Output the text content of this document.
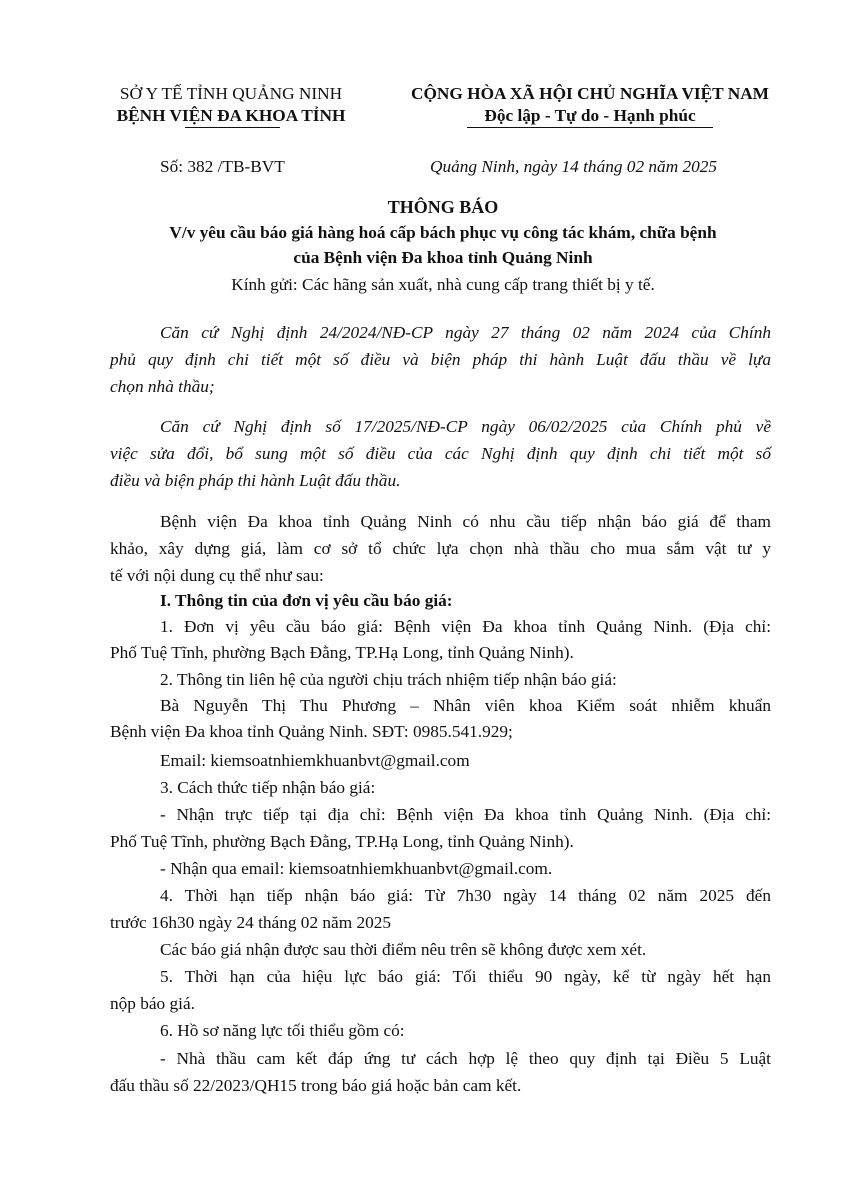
SỞ Y TẾ TỈNH QUẢNG NINH
BỆNH VIỆN ĐA KHOA TỈNH
CỘNG HÒA XÃ HỘI CHỦ NGHĨA VIỆT NAM
Độc lập - Tự do - Hạnh phúc
Số: 382 /TB-BVT	Quảng Ninh, ngày 14 tháng 02 năm 2025
THÔNG BÁO
V/v yêu cầu báo giá hàng hoá cấp bách phục vụ công tác khám, chữa bệnh
của Bệnh viện Đa khoa tỉnh Quảng Ninh
Kính gửi: Các hãng sản xuất, nhà cung cấp trang thiết bị y tế.
Căn cứ Nghị định 24/2024/NĐ-CP ngày 27 tháng 02 năm 2024 của Chính
phủ quy định chi tiết một số điều và biện pháp thi hành Luật đấu thầu về lựa
chọn nhà thầu;
Căn cứ Nghị định số 17/2025/NĐ-CP ngày 06/02/2025 của Chính phủ về
việc sửa đổi, bổ sung một số điều của các Nghị định quy định chi tiết một số
điều và biện pháp thi hành Luật đấu thầu.
Bệnh viện Đa khoa tỉnh Quảng Ninh có nhu cầu tiếp nhận báo giá để tham
khảo, xây dựng giá, làm cơ sở tổ chức lựa chọn nhà thầu cho mua sắm vật tư y
tế với nội dung cụ thể như sau:
I. Thông tin của đơn vị yêu cầu báo giá:
1. Đơn vị yêu cầu báo giá: Bệnh viện Đa khoa tỉnh Quảng Ninh. (Địa chỉ:
Phố Tuệ Tĩnh, phường Bạch Đằng, TP.Hạ Long, tỉnh Quảng Ninh).
2. Thông tin liên hệ của người chịu trách nhiệm tiếp nhận báo giá:
Bà Nguyễn Thị Thu Phương – Nhân viên khoa Kiểm soát nhiễm khuẩn
Bệnh viện Đa khoa tỉnh Quảng Ninh. SĐT: 0985.541.929;
Email: kiemsoatnhiemkhuanbvt@gmail.com
3. Cách thức tiếp nhận báo giá:
- Nhận trực tiếp tại địa chỉ: Bệnh viện Đa khoa tỉnh Quảng Ninh. (Địa chỉ:
Phố Tuệ Tĩnh, phường Bạch Đằng, TP.Hạ Long, tỉnh Quảng Ninh).
- Nhận qua email: kiemsoatnhiemkhuanbvt@gmail.com.
4. Thời hạn tiếp nhận báo giá: Từ 7h30 ngày 14 tháng 02 năm 2025 đến
trước 16h30 ngày 24 tháng 02 năm 2025
Các báo giá nhận được sau thời điểm nêu trên sẽ không được xem xét.
5. Thời hạn của hiệu lực báo giá: Tối thiểu 90 ngày, kể từ ngày hết hạn
nộp báo giá.
6. Hồ sơ năng lực tối thiểu gồm có:
- Nhà thầu cam kết đáp ứng tư cách hợp lệ theo quy định tại Điều 5 Luật
đấu thầu số 22/2023/QH15 trong báo giá hoặc bản cam kết.
